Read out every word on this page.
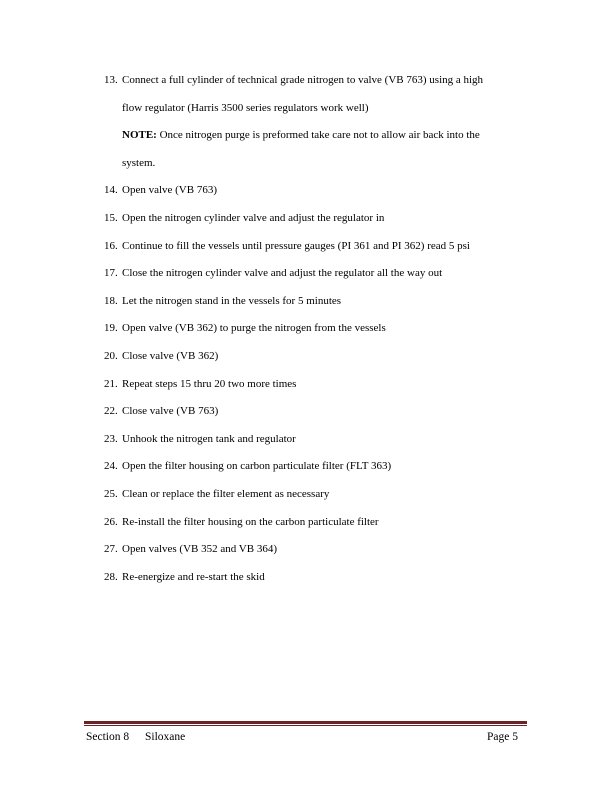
13. Connect a full cylinder of technical grade nitrogen to valve (VB 763) using a high
flow regulator (Harris 3500 series regulators work well)
NOTE: Once nitrogen purge is preformed take care not to allow air back into the
system.
14. Open valve (VB 763)
15. Open the nitrogen cylinder valve and adjust the regulator in
16. Continue to fill the vessels until pressure gauges (PI 361 and PI 362) read 5 psi
17. Close the nitrogen cylinder valve and adjust the regulator all the way out
18. Let the nitrogen stand in the vessels for 5 minutes
19. Open valve (VB 362) to purge the nitrogen from the vessels
20. Close valve (VB 362)
21. Repeat steps 15 thru 20 two more times
22. Close valve (VB 763)
23. Unhook the nitrogen tank and regulator
24. Open the filter housing on carbon particulate filter (FLT 363)
25. Clean or replace the filter element as necessary
26. Re-install the filter housing on the carbon particulate filter
27. Open valves (VB 352 and VB 364)
28. Re-energize and re-start the skid
Section 8 Siloxane	Page 5
